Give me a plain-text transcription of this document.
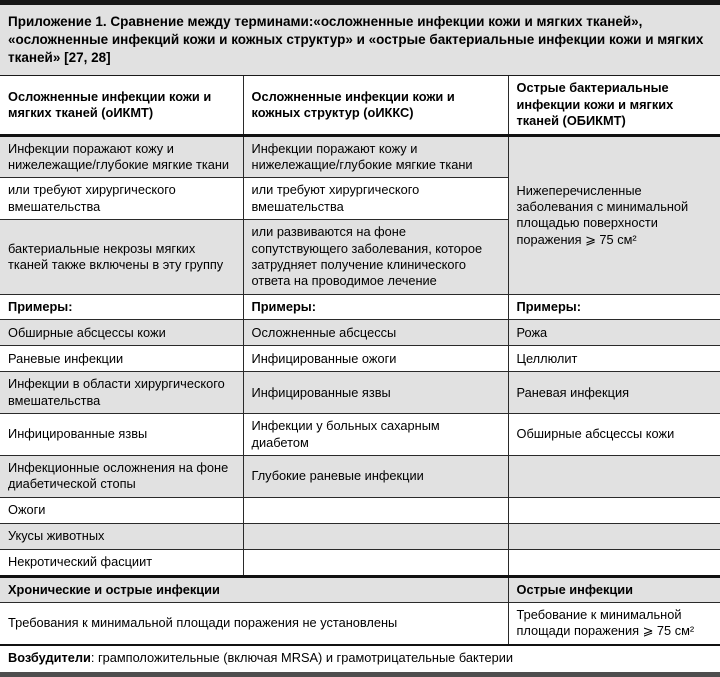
Приложение 1. Сравнение между терминами:«осложненные инфекции кожи и мягких тканей», «осложненные инфекций кожи и кожных структур» и «острые бактериальные инфекции кожи и мягких тканей» [27, 28]
Осложненные инфекции кожи и мягких тканей (оИКМТ)	Осложненные инфекции кожи и кожных структур (оИККС)	Острые бактериальные инфекции кожи и мягких тканей (ОБИКМТ)
Инфекции поражают кожу и нижележащие/глубокие мягкие ткани	Инфекции поражают кожу и нижележащие/глубокие мягкие ткани	Нижеперечисленные заболевания с минимальной площадью поверхности поражения ⩾ 75 см²
или требуют хирургического вмешательства	или требуют хирургического вмешательства	
бактериальные некрозы мягких тканей также включены в эту группу	или развиваются на фоне сопутствующего заболевания, которое затрудняет получение клинического ответа на проводимое лечение	
Примеры:	Примеры:	Примеры:
Обширные абсцессы кожи	Осложненные абсцессы	Рожа
Раневые инфекции	Инфицированные ожоги	Целлюлит
Инфекции в области хирургического вмешательства	Инфицированные язвы	Раневая инфекция
Инфицированные язвы	Инфекции у больных сахарным диабетом	Обширные абсцессы кожи
Инфекционные осложнения на фоне диабетической стопы	Глубокие раневые инфекции	
Ожоги		
Укусы животных		
Некротический фасциит		
Хронические и острые инфекции		Острые инфекции
Требования к минимальной площади поражения не установлены		Требование к минимальной площади поражения ⩾ 75 см²
Возбудители: грамположительные (включая MRSA) и грамотрицательные бактерии		
